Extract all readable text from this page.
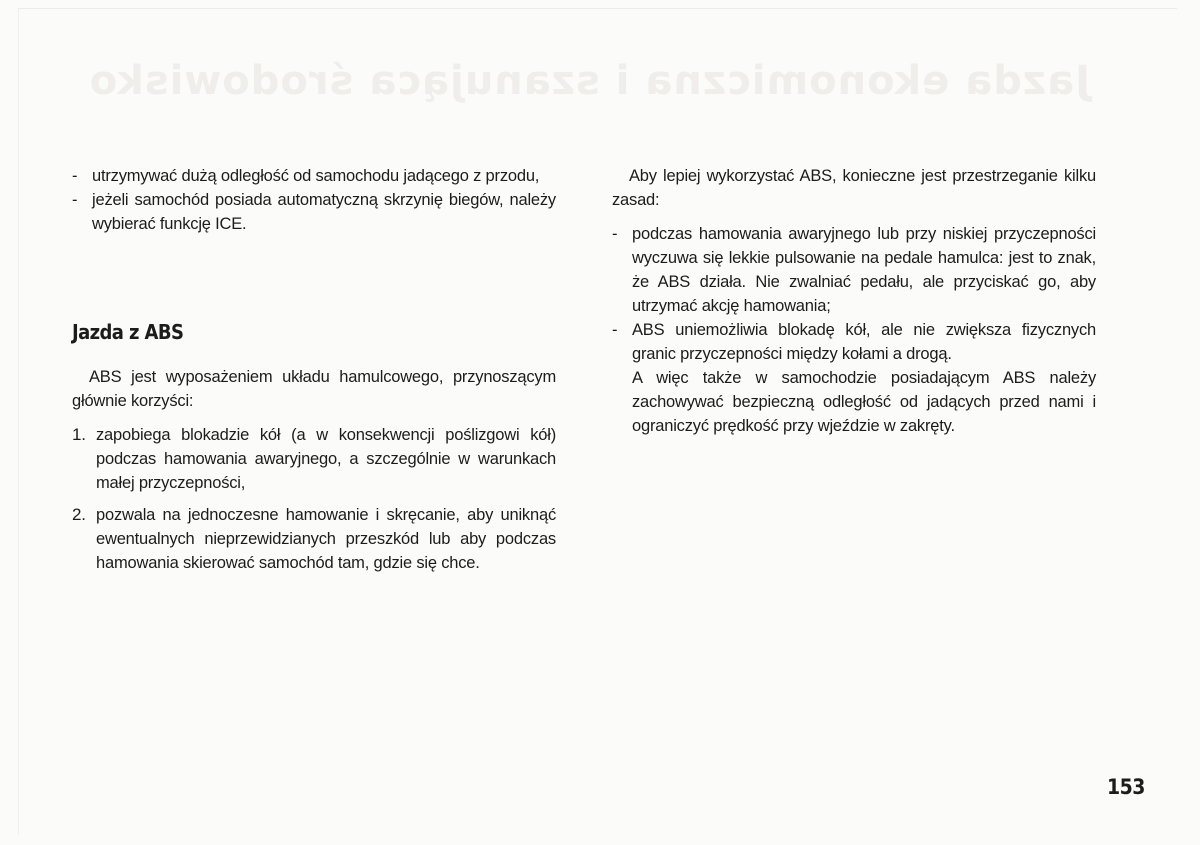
Jazda ekonomiczna i szanująca środowisko
- utrzymywać dużą odległość od samochodu jadącego z przodu,
- jeżeli samochód posiada automatyczną skrzynię biegów, należy wybierać funkcję ICE.
Jazda z ABS
ABS jest wyposażeniem układu hamulcowego, przynoszącym głównie korzyści:
1. zapobiega blokadzie kół (a w konsekwencji poślizgowi kół) podczas hamowania awaryjnego, a szczególnie w warunkach małej przyczepności,
2. pozwala na jednoczesne hamowanie i skręcanie, aby uniknąć ewentualnych nieprzewidzianych przeszkód lub aby podczas hamowania skierować samochód tam, gdzie się chce.
Aby lepiej wykorzystać ABS, konieczne jest przestrzeganie kilku zasad:
- podczas hamowania awaryjnego lub przy niskiej przyczepności wyczuwa się lekkie pulsowanie na pedale hamulca: jest to znak, że ABS działa. Nie zwalniać pedału, ale przyciskać go, aby utrzymać akcję hamowania;
- ABS uniemożliwia blokadę kół, ale nie zwiększa fizycznych granic przyczepności między kołami a drogą.
A więc także w samochodzie posiadającym ABS należy zachowywać bezpieczną odległość od jadących przed nami i ograniczyć prędkość przy wjeździe w zakręty.
153
